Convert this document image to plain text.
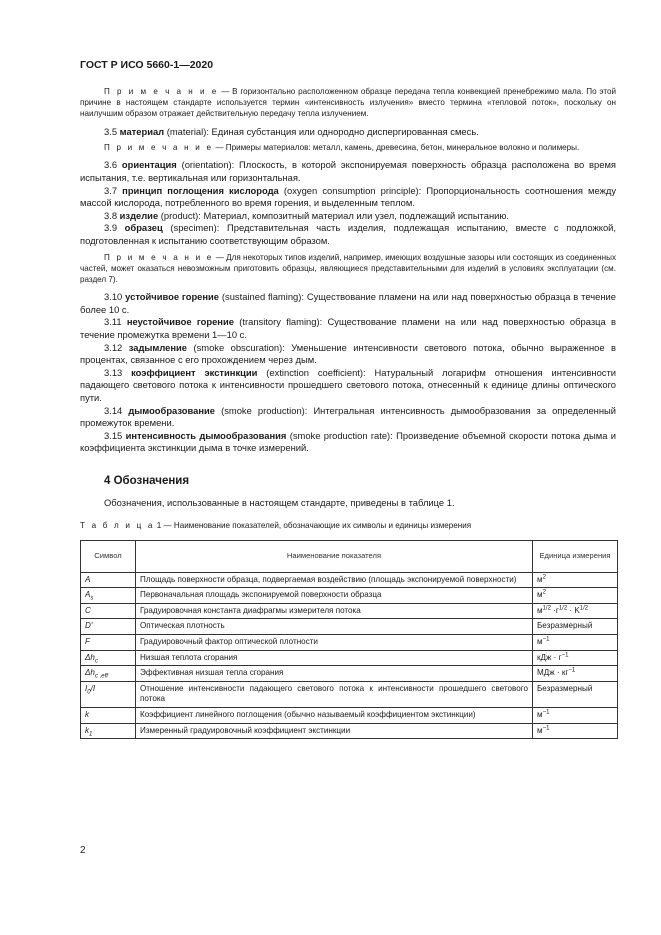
ГОСТ Р ИСО 5660-1—2020

П р и м е ч а н и е — В горизонтально расположенном образце передача тепла конвекцией пренебрежимо мала. По этой причине в настоящем стандарте используется термин «интенсивность излучения» вместо термина «тепловой поток», поскольку он наилучшим образом отражает действительную передачу тепла излучением.

3.5 материал (material): Единая субстанция или однородно диспергированная смесь.

П р и м е ч а н и е — Примеры материалов: металл, камень, древесина, бетон, минеральное волокно и полимеры.

3.6 ориентация (orientation): Плоскость, в которой экспонируемая поверхность образца расположена во время испытания, т.е. вертикальная или горизонтальная.

3.7 принцип поглощения кислорода (oxygen consumption principle): Пропорциональность соотношения между массой кислорода, потребленного во время горения, и выделенным теплом.

3.8 изделие (product): Материал, композитный материал или узел, подлежащий испытанию.

3.9 образец (specimen): Представительная часть изделия, подлежащая испытанию, вместе с подложкой, подготовленная к испытанию соответствующим образом.

П р и м е ч а н и е — Для некоторых типов изделий, например, имеющих воздушные зазоры или состоящих из соединенных частей, может оказаться невозможным приготовить образцы, являющиеся представительными для изделий в условиях эксплуатации (см. раздел 7).

3.10 устойчивое горение (sustained flaming): Существование пламени на или над поверхностью образца в течение более 10 с.

3.11 неустойчивое горение (transitory flaming): Существование пламени на или над поверхностью образца в течение промежутка времени 1—10 с.

3.12 задымление (smoke obscuration): Уменьшение интенсивности светового потока, обычно выраженное в процентах, связанное с его прохождением через дым.

3.13 коэффициент экстинкции (extinction coefficient): Натуральный логарифм отношения интенсивности падающего светового потока к интенсивности прошедшего светового потока, отнесенный к единице длины оптического пути.

3.14 дымообразование (smoke production): Интегральная интенсивность дымообразования за определенный промежуток времени.

3.15 интенсивность дымообразования (smoke production rate): Произведение объемной скорости потока дыма и коэффициента экстинкции дыма в точке измерений.

4 Обозначения

Обозначения, использованные в настоящем стандарте, приведены в таблице 1.

Т а б л и ц а 1 — Наименование показателей, обозначающие их символы и единицы измерения
Символ	Наименование показателя	Единица измерения
A	Площадь поверхности образца, подвергаемая воздействию (площадь экспонируемой поверхности)	$м^2$
$A_s$	Первоначальная площадь экспонируемой поверхности образца	$м^2$
C	Градуировочная константа диафрагмы измерителя потока	$м^{1/2} \cdot г^{1/2} \cdot K^{1/2}$
D'	Оптическая плотность	Безразмерный
F	Градуировочный фактор оптической плотности	$м^{-1}$
$\Delta h_c$	Низшая теплота сгорания	кДж · $г^{-1}$
$\Delta h_{c ,eff}$	Эффективная низшая тепла сгорания	МДж · $кг^{-1}$
$I_0/I$	Отношение интенсивности падающего светового потока к интенсивности прошедшего светового потока	Безразмерный
k	Коэффициент линейного поглощения (обычно называемый коэффициентом экстинкции)	$м^{-1}$
$k_1$	Измеренный градуировочный коэффициент экстинкции	$м^{-1}$
2
